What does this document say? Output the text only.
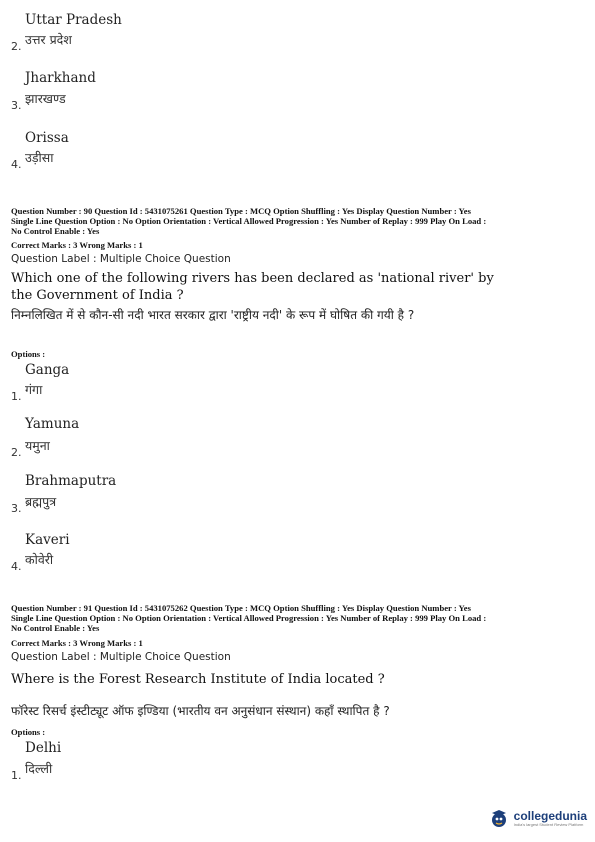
Uttar Pradesh
उत्तर प्रदेश
2.
Jharkhand
झारखण्ड
3.
Orissa
उड़ीसा
4.
Question Number : 90 Question Id : 5431075261 Question Type : MCQ Option Shuffling : Yes Display Question Number : Yes
Single Line Question Option : No Option Orientation : Vertical Allowed Progression : Yes Number of Replay : 999 Play On Load :
No Control Enable : Yes
Correct Marks : 3 Wrong Marks : 1
Question Label : Multiple Choice Question
Which one of the following rivers has been declared as 'national river' by the Government of India ?
निम्नलिखित में से कौन-सी नदी भारत सरकार द्वारा 'राष्ट्रीय नदी' के रूप में घोषित की गयी है ?
Options :
Ganga
गंगा
1.
Yamuna
यमुना
2.
Brahmaputra
ब्रह्मपुत्र
3.
Kaveri
कोवेरी
4.
Question Number : 91 Question Id : 5431075262 Question Type : MCQ Option Shuffling : Yes Display Question Number : Yes
Single Line Question Option : No Option Orientation : Vertical Allowed Progression : Yes Number of Replay : 999 Play On Load :
No Control Enable : Yes
Correct Marks : 3 Wrong Marks : 1
Question Label : Multiple Choice Question
Where is the Forest Research Institute of India located ?
फॉरेस्ट रिसर्च इंस्टीट्यूट ऑफ इण्डिया (भारतीय वन अनुसंधान संस्थान) कहाँ स्थापित है ?
Options :
Delhi
दिल्ली
1.
collegedunia
India's largest Student Review Platform
